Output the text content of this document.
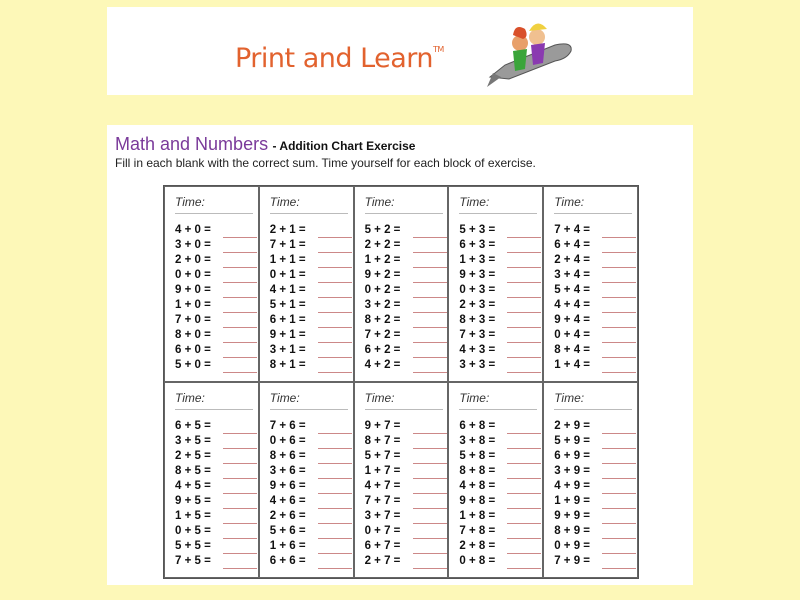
Print and Learn™
Math and Numbers - Addition Chart Exercise
Fill in each blank with the correct sum. Time yourself for each block of exercise.
Time:
4 + 0 =
3 + 0 =
2 + 0 =
0 + 0 =
9 + 0 =
1 + 0 =
7 + 0 =
8 + 0 =
6 + 0 =
5 + 0 =
Time:
2 + 1 =
7 + 1 =
1 + 1 =
0 + 1 =
4 + 1 =
5 + 1 =
6 + 1 =
9 + 1 =
3 + 1 =
8 + 1 =
Time:
5 + 2 =
2 + 2 =
1 + 2 =
9 + 2 =
0 + 2 =
3 + 2 =
8 + 2 =
7 + 2 =
6 + 2 =
4 + 2 =
Time:
5 + 3 =
6 + 3 =
1 + 3 =
9 + 3 =
0 + 3 =
2 + 3 =
8 + 3 =
7 + 3 =
4 + 3 =
3 + 3 =
Time:
7 + 4 =
6 + 4 =
2 + 4 =
3 + 4 =
5 + 4 =
4 + 4 =
9 + 4 =
0 + 4 =
8 + 4 =
1 + 4 =
Time:
6 + 5 =
3 + 5 =
2 + 5 =
8 + 5 =
4 + 5 =
9 + 5 =
1 + 5 =
0 + 5 =
5 + 5 =
7 + 5 =
Time:
7 + 6 =
0 + 6 =
8 + 6 =
3 + 6 =
9 + 6 =
4 + 6 =
2 + 6 =
5 + 6 =
1 + 6 =
6 + 6 =
Time:
9 + 7 =
8 + 7 =
5 + 7 =
1 + 7 =
4 + 7 =
7 + 7 =
3 + 7 =
0 + 7 =
6 + 7 =
2 + 7 =
Time:
6 + 8 =
3 + 8 =
5 + 8 =
8 + 8 =
4 + 8 =
9 + 8 =
1 + 8 =
7 + 8 =
2 + 8 =
0 + 8 =
Time:
2 + 9 =
5 + 9 =
6 + 9 =
3 + 9 =
4 + 9 =
1 + 9 =
9 + 9 =
8 + 9 =
0 + 9 =
7 + 9 =
